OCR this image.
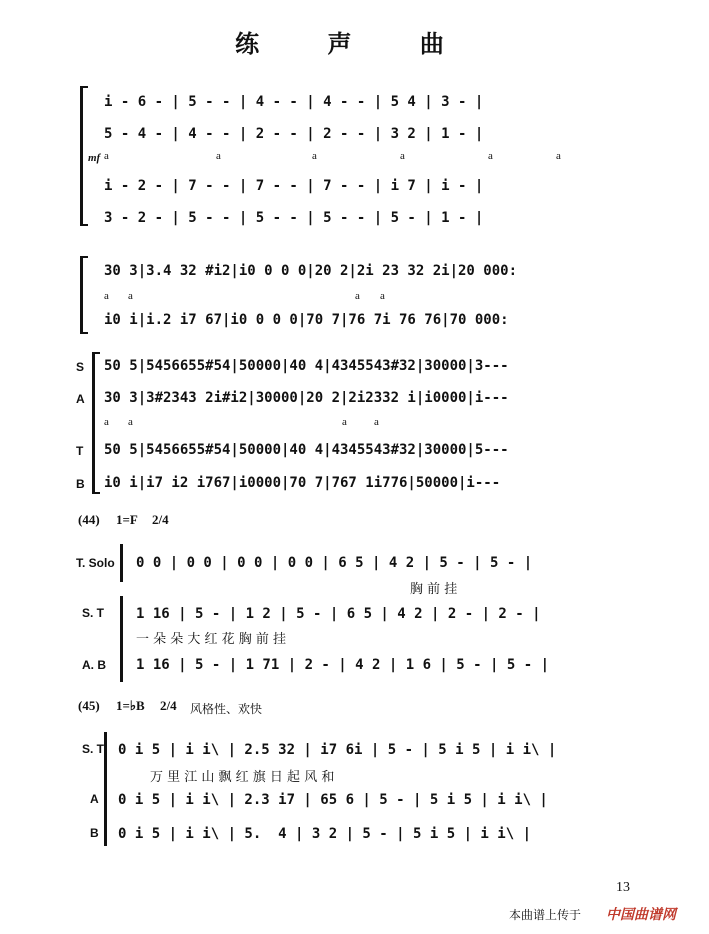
练 声 曲
i - 6 - | 5 - - | 4 - - | 4 - - | 5 4 | 3 - |
5 - 4 - | 4 - - | 2 - - | 2 - - | 3 2 | 1 - |
mf
i - 2 - | 7 - - | 7 - - | 7 - - | i 7 | i - |
3 - 2 - | 5 - - | 5 - - | 5 - - | 5 - | 1 - |
a	a	a	a	a	a
30 3|3.4 32 #i2|i0 0 0 0|20 2|2i 23 32 2i|20 000:
i0 i|i.2 i7 67|i0 0 0 0|70 7|76 7i 76 76|70 000:
a a	a a
S
A
T
B
50 5|5456655#54|50000|40 4|4345543#32|30000|3---
30 3|3#2343 2i#i2|30000|20 2|2i2332 i|i0000|i---
a a	a a
50 5|5456655#54|50000|40 4|4345543#32|30000|5---
i0 i|i7 i2 i767|i0000|70 7|767 1i776|50000|i---
(44) 1=F 2/4
T. Solo 0 0 | 0 0 | 0 0 | 0 0 | 6 5 | 4 2 | 5 - | 5 - |
胸 前 挂
S. T 1 16 | 5 - | 1 2 | 5 - | 6 5 | 4 2 | 2 - | 2 - |
一 朵 朵 大 红 花 胸 前 挂
A. B 1 16 | 5 - | 1 71 | 2 - | 4 2 | 1 6 | 5 - | 5 - |
(45) 1=♭B 2/4 风格性、欢快
S. T 0 i 5 | i i\ | 2.5 32 | i7 6i | 5 - | 5 i 5 | i i\ |
万 里 江 山 飘 红 旗 日 起 风 和
A 0 i 5 | i i\ | 2.3 i7 | 65 6 | 5 - | 5 i 5 | i i\ |
B 0 i 5 | i i\ | 5.  4 | 3 2 | 5 - | 5 i 5 | i i\ |
13
本曲谱上传于 中国曲谱网
